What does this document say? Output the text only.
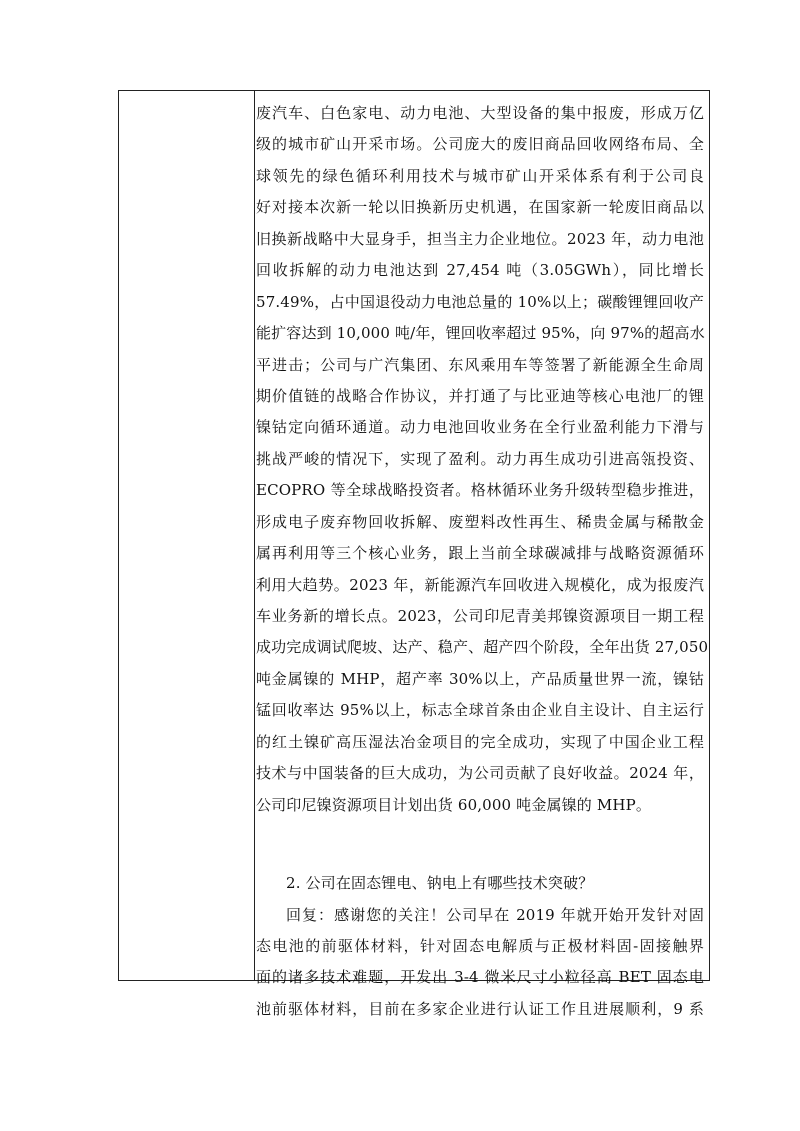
废汽车、白色家电、动力电池、大型设备的集中报废，形成万亿
级的城市矿山开采市场。公司庞大的废旧商品回收网络布局、全
球领先的绿色循环利用技术与城市矿山开采体系有利于公司良
好对接本次新一轮以旧换新历史机遇，在国家新一轮废旧商品以
旧换新战略中大显身手，担当主力企业地位。2023 年，动力电池
回收拆解的动力电池达到 27,454 吨（3.05GWh），同比增长
57.49%，占中国退役动力电池总量的 10%以上；碳酸锂锂回收产
能扩容达到 10,000 吨/年，锂回收率超过 95%，向 97%的超高水
平进击；公司与广汽集团、东风乘用车等签署了新能源全生命周
期价值链的战略合作协议，并打通了与比亚迪等核心电池厂的锂
镍钴定向循环通道。动力电池回收业务在全行业盈利能力下滑与
挑战严峻的情况下，实现了盈利。动力再生成功引进高瓴投资、
ECOPRO 等全球战略投资者。格林循环业务升级转型稳步推进，
形成电子废弃物回收拆解、废塑料改性再生、稀贵金属与稀散金
属再利用等三个核心业务，跟上当前全球碳减排与战略资源循环
利用大趋势。2023 年，新能源汽车回收进入规模化，成为报废汽
车业务新的增长点。2023，公司印尼青美邦镍资源项目一期工程
成功完成调试爬坡、达产、稳产、超产四个阶段，全年出货 27,050
吨金属镍的 MHP，超产率 30%以上，产品质量世界一流，镍钴
锰回收率达 95%以上，标志全球首条由企业自主设计、自主运行
的红土镍矿高压湿法冶金项目的完全成功，实现了中国企业工程
技术与中国装备的巨大成功，为公司贡献了良好收益。2024 年，
公司印尼镍资源项目计划出货 60,000 吨金属镍的 MHP。
2. 公司在固态锂电、钠电上有哪些技术突破？
回复：感谢您的关注！公司早在 2019 年就开始开发针对固
态电池的前驱体材料，针对固态电解质与正极材料固-固接触界
面的诸多技术难题，开发出 3-4 微米尺寸小粒径高 BET 固态电
池前驱体材料，目前在多家企业进行认证工作且进展顺利，9 系
